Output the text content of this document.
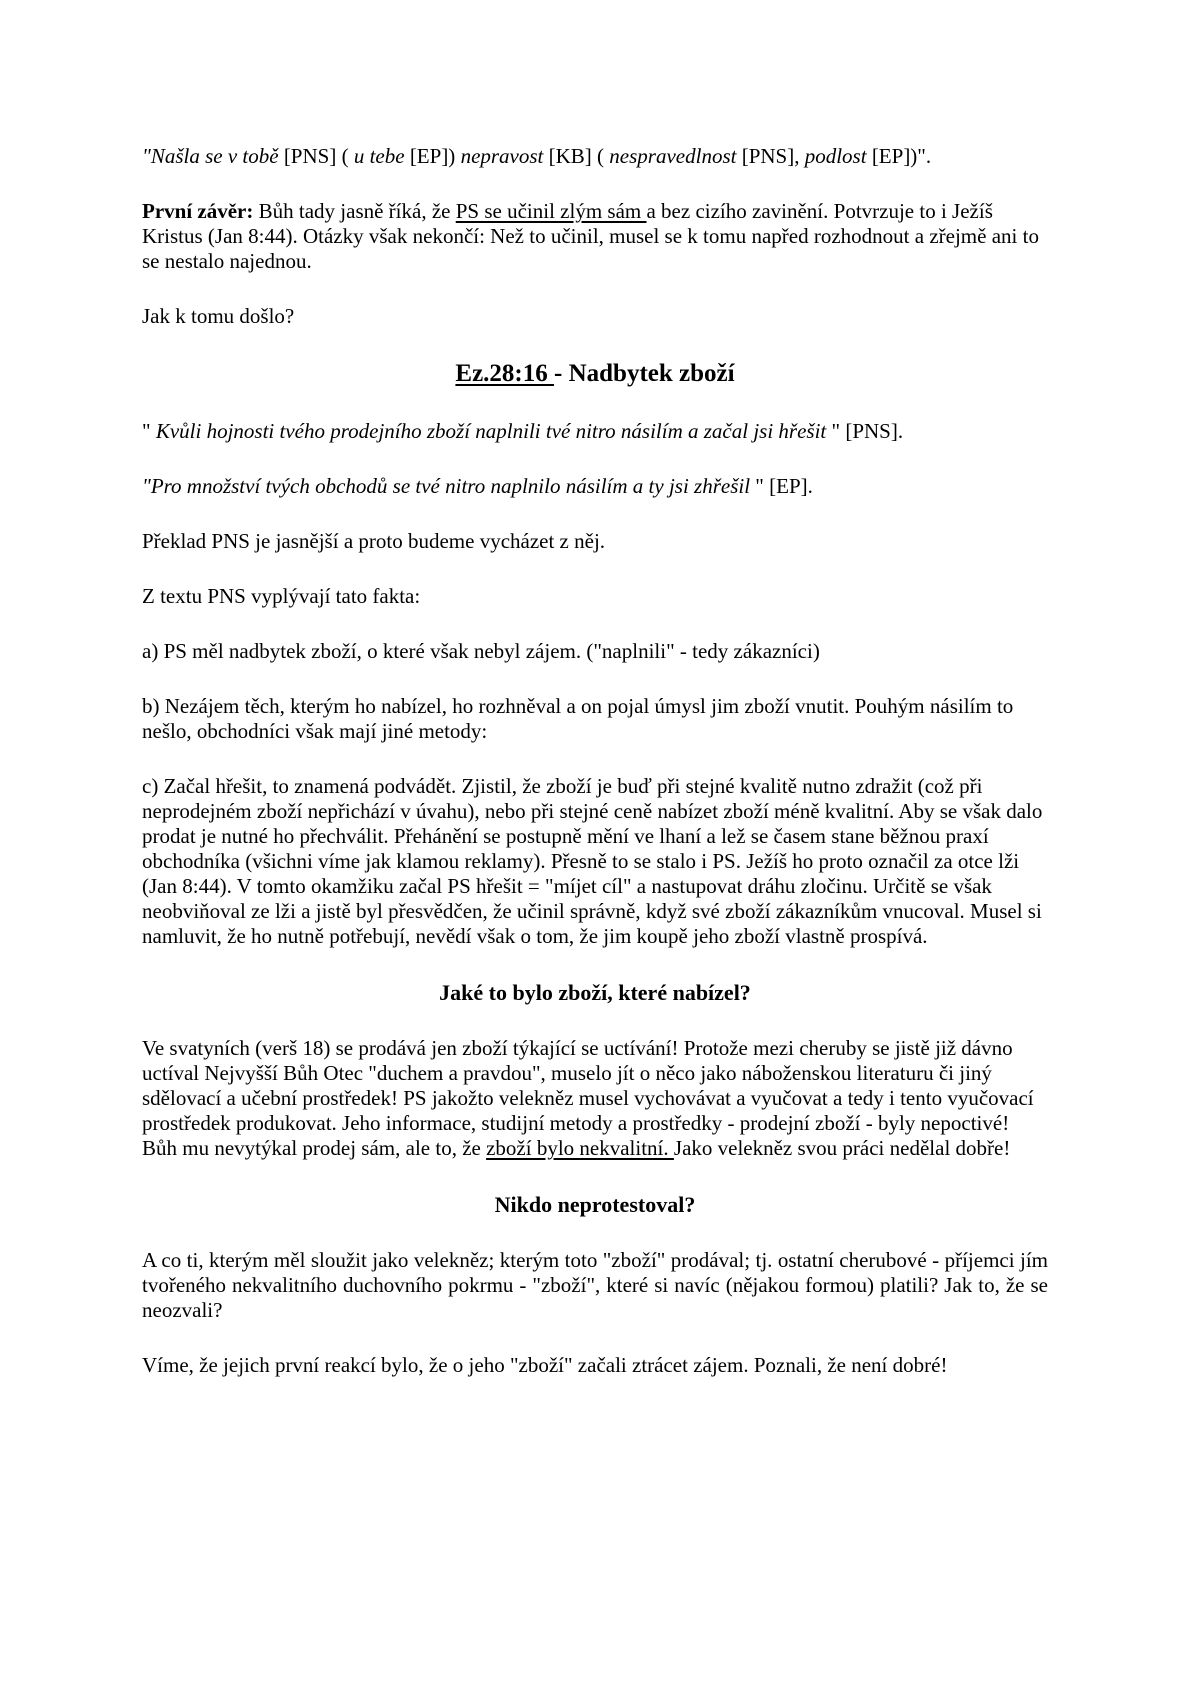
"Našla se v tobě [PNS] ( u tebe [EP]) nepravost [KB] ( nespravedlnost [PNS], podlost [EP])".

První závěr: Bůh tady jasně říká, že PS se učinil zlým sám a bez cizího zavinění. Potvrzuje to i Ježíš Kristus (Jan 8:44). Otázky však nekončí: Než to učinil, musel se k tomu napřed rozhodnout a zřejmě ani to se nestalo najednou.

Jak k tomu došlo?

Ez.28:16 - Nadbytek zboží

" Kvůli hojnosti tvého prodejního zboží naplnili tvé nitro násilím a začal jsi hřešit " [PNS].

"Pro množství tvých obchodů se tvé nitro naplnilo násilím a ty jsi zhřešil " [EP].

Překlad PNS je jasnější a proto budeme vycházet z něj.

Z textu PNS vyplývají tato fakta:

a) PS měl nadbytek zboží, o které však nebyl zájem. ("naplnili" - tedy zákazníci)

b) Nezájem těch, kterým ho nabízel, ho rozhněval a on pojal úmysl jim zboží vnutit. Pouhým násilím to nešlo, obchodníci však mají jiné metody:

c) Začal hřešit, to znamená podvádět. Zjistil, že zboží je buď při stejné kvalitě nutno zdražit (což při neprodejném zboží nepřichází v úvahu), nebo při stejné ceně nabízet zboží méně kvalitní. Aby se však dalo prodat je nutné ho přechválit. Přehánění se postupně mění ve lhaní a lež se časem stane běžnou praxí obchodníka (všichni víme jak klamou reklamy). Přesně to se stalo i PS. Ježíš ho proto označil za otce lži (Jan 8:44). V tomto okamžiku začal PS hřešit = "míjet cíl" a nastupovat dráhu zločinu. Určitě se však neobviňoval ze lži a jistě byl přesvědčen, že učinil správně, když své zboží zákazníkům vnucoval. Musel si namluvit, že ho nutně potřebují, nevědí však o tom, že jim koupě jeho zboží vlastně prospívá.

Jaké to bylo zboží, které nabízel?

Ve svatyních (verš 18) se prodává jen zboží týkající se uctívání! Protože mezi cheruby se jistě již dávno uctíval Nejvyšší Bůh Otec "duchem a pravdou", muselo jít o něco jako náboženskou literaturu či jiný sdělovací a učební prostředek! PS jakožto velekněz musel vychovávat a vyučovat a tedy i tento vyučovací prostředek produkovat. Jeho informace, studijní metody a prostředky - prodejní zboží - byly nepoctivé! Bůh mu nevytýkal prodej sám, ale to, že zboží bylo nekvalitní. Jako velekněz svou práci nedělal dobře!

Nikdo neprotestoval?

A co ti, kterým měl sloužit jako velekněz; kterým toto "zboží" prodával; tj. ostatní cherubové - příjemci jím tvořeného nekvalitního duchovního pokrmu - "zboží", které si navíc (nějakou formou) platili? Jak to, že se neozvali?

Víme, že jejich první reakcí bylo, že o jeho "zboží" začali ztrácet zájem. Poznali, že není dobré!
